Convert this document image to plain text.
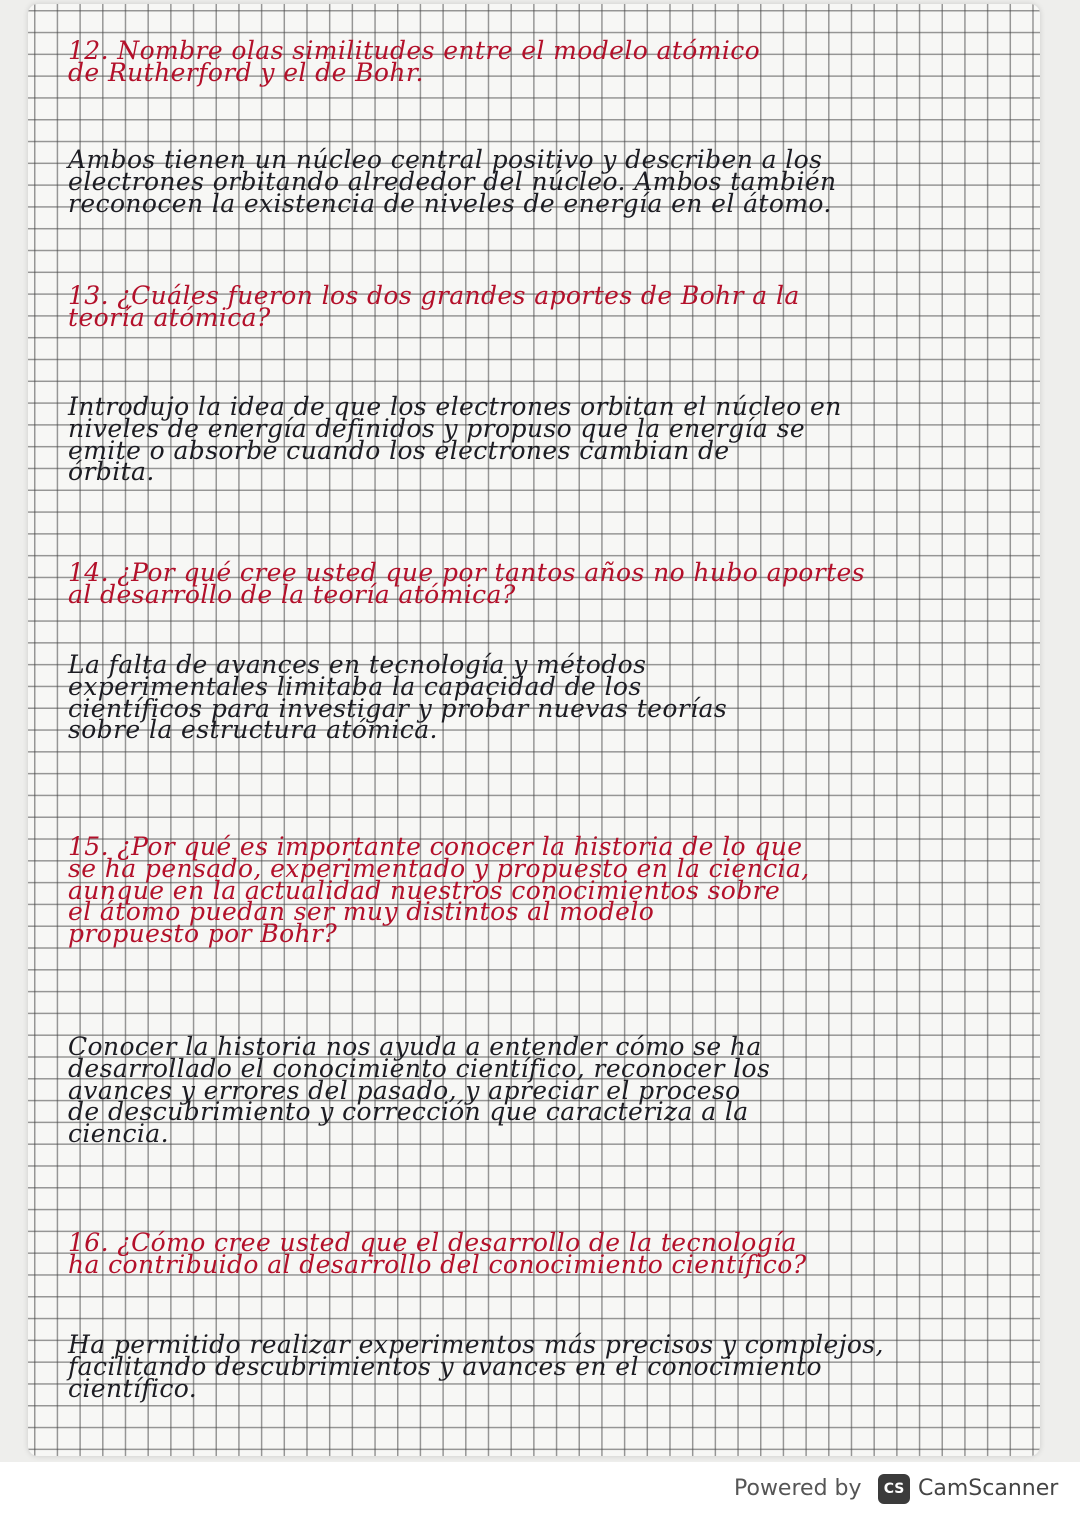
12. Nombre olas similitudes entre el modelo atómico
de Rutherford y el de Bohr.

Ambos tienen un núcleo central positivo y describen a los
electrones orbitando alrededor del núcleo. Ambos también
reconocen la existencia de niveles de energía en el átomo.

13. ¿Cuáles fueron los dos grandes aportes de Bohr a la
teoría atómica?

Introdujo la idea de que los electrones orbitan el núcleo en
niveles de energía definidos y propuso que la energía se
emite o absorbe cuando los electrones cambian de
órbita.

14. ¿Por qué cree usted que por tantos años no hubo aportes
al desarrollo de la teoría atómica?

La falta de avances en tecnología y métodos
experimentales limitaba la capacidad de los
científicos para investigar y probar nuevas teorías
sobre la estructura atómica.

15. ¿Por qué es importante conocer la historia de lo que
se ha pensado, experimentado y propuesto en la ciencia,
aunque en la actualidad nuestros conocimientos sobre
el átomo puedan ser muy distintos al modelo
propuesto por Bohr?

Conocer la historia nos ayuda a entender cómo se ha
desarrollado el conocimiento científico, reconocer los
avances y errores del pasado, y apreciar el proceso
de descubrimiento y corrección que caracteriza a la
ciencia.

16. ¿Cómo cree usted que el desarrollo de la tecnología
ha contribuido al desarrollo del conocimiento científico?

Ha permitido realizar experimentos más precisos y complejos,
facilitando descubrimientos y avances en el conocimiento
científico.

Powered by	CS CamScanner
